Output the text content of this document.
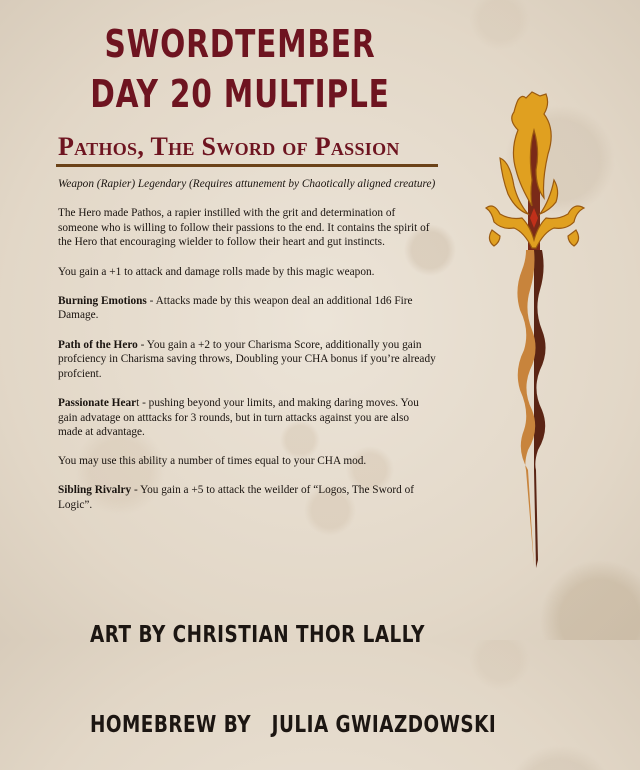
SWORDTEMBER
DAY 20 MULTIPLE
Pathos, The Sword of Passion

Weapon (Rapier) Legendary (Requires attunement by Chaotically aligned creature)

The Hero made Pathos, a rapier instilled with the grit and determination of someone who is willing to follow their passions to the end. It contains the spirit of the Hero that encouraging wielder to follow their heart and gut instincts.

You gain a +1 to attack and damage rolls made by this magic weapon.

Burning Emotions - Attacks made by this weapon deal an additional 1d6 Fire Damage.

Path of the Hero - You gain a +2 to your Charisma Score, additionally you gain profciency in Charisma saving throws, Doubling your CHA bonus if you’re already profcient.

Passionate Heart - pushing beyond your limits, and making daring moves. You gain advatage on atttacks for 3 rounds, but in turn attacks against you are also made at advantage.

You may use this ability a number of times equal to your CHA mod.

Sibling Rivalry - You gain a +5 to attack the weilder of “Logos, The Sword of Logic”.

ART BY CHRISTIAN THOR LALLY

HOMEBREW BY   JULIA GWIAZDOWSKI
